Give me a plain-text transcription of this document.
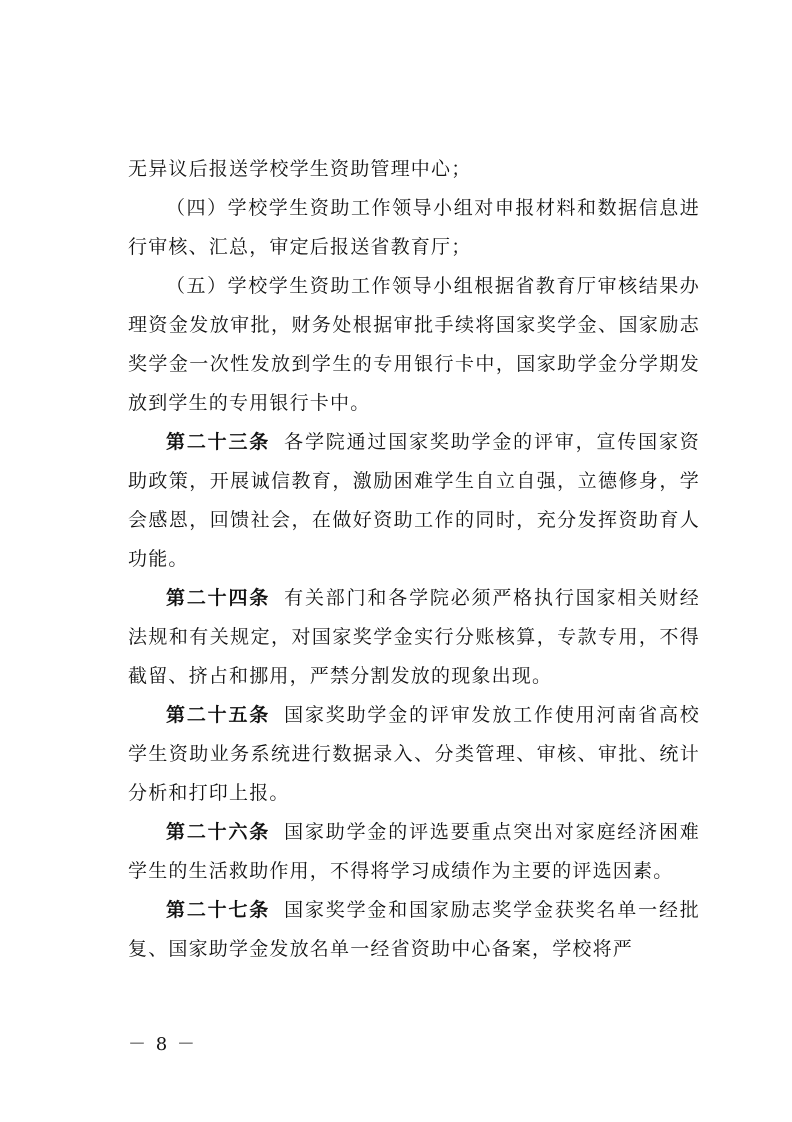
无异议后报送学校学生资助管理中心；

（四）学校学生资助工作领导小组对申报材料和数据信息进行审核、汇总，审定后报送省教育厅；

（五）学校学生资助工作领导小组根据省教育厅审核结果办理资金发放审批，财务处根据审批手续将国家奖学金、国家励志奖学金一次性发放到学生的专用银行卡中，国家助学金分学期发放到学生的专用银行卡中。

第二十三条 各学院通过国家奖助学金的评审，宣传国家资助政策，开展诚信教育，激励困难学生自立自强，立德修身，学会感恩，回馈社会，在做好资助工作的同时，充分发挥资助育人功能。

第二十四条 有关部门和各学院必须严格执行国家相关财经法规和有关规定，对国家奖学金实行分账核算，专款专用，不得截留、挤占和挪用，严禁分割发放的现象出现。

第二十五条 国家奖助学金的评审发放工作使用河南省高校学生资助业务系统进行数据录入、分类管理、审核、审批、统计分析和打印上报。

第二十六条 国家助学金的评选要重点突出对家庭经济困难学生的生活救助作用，不得将学习成绩作为主要的评选因素。

第二十七条 国家奖学金和国家励志奖学金获奖名单一经批复、国家助学金发放名单一经省资助中心备案，学校将严

－ 8 －
